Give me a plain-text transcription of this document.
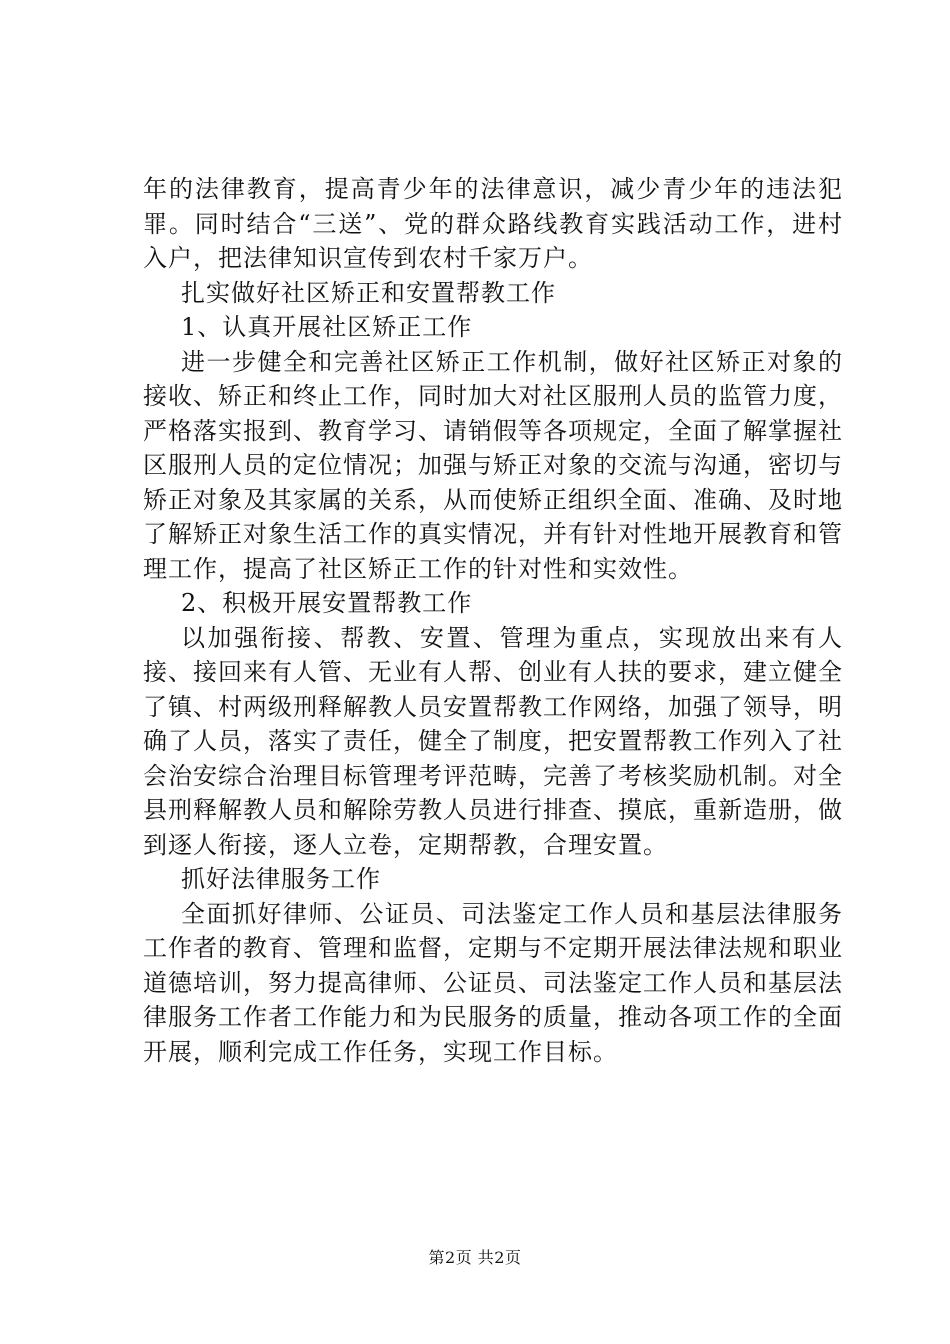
年的法律教育，提高青少年的法律意识，减少青少年的违法犯罪。同时结合“三送”、党的群众路线教育实践活动工作，进村入户，把法律知识宣传到农村千家万户。

扎实做好社区矫正和安置帮教工作

1、认真开展社区矫正工作

进一步健全和完善社区矫正工作机制，做好社区矫正对象的接收、矫正和终止工作，同时加大对社区服刑人员的监管力度，严格落实报到、教育学习、请销假等各项规定，全面了解掌握社区服刑人员的定位情况；加强与矫正对象的交流与沟通，密切与矫正对象及其家属的关系，从而使矫正组织全面、准确、及时地了解矫正对象生活工作的真实情况，并有针对性地开展教育和管理工作，提高了社区矫正工作的针对性和实效性。

2、积极开展安置帮教工作

以加强衔接、帮教、安置、管理为重点，实现放出来有人接、接回来有人管、无业有人帮、创业有人扶的要求，建立健全了镇、村两级刑释解教人员安置帮教工作网络，加强了领导，明确了人员，落实了责任，健全了制度，把安置帮教工作列入了社会治安综合治理目标管理考评范畴，完善了考核奖励机制。对全县刑释解教人员和解除劳教人员进行排查、摸底，重新造册，做到逐人衔接，逐人立卷，定期帮教，合理安置。

抓好法律服务工作

全面抓好律师、公证员、司法鉴定工作人员和基层法律服务工作者的教育、管理和监督，定期与不定期开展法律法规和职业道德培训，努力提高律师、公证员、司法鉴定工作人员和基层法律服务工作者工作能力和为民服务的质量，推动各项工作的全面开展，顺利完成工作任务，实现工作目标。

第2页 共2页
